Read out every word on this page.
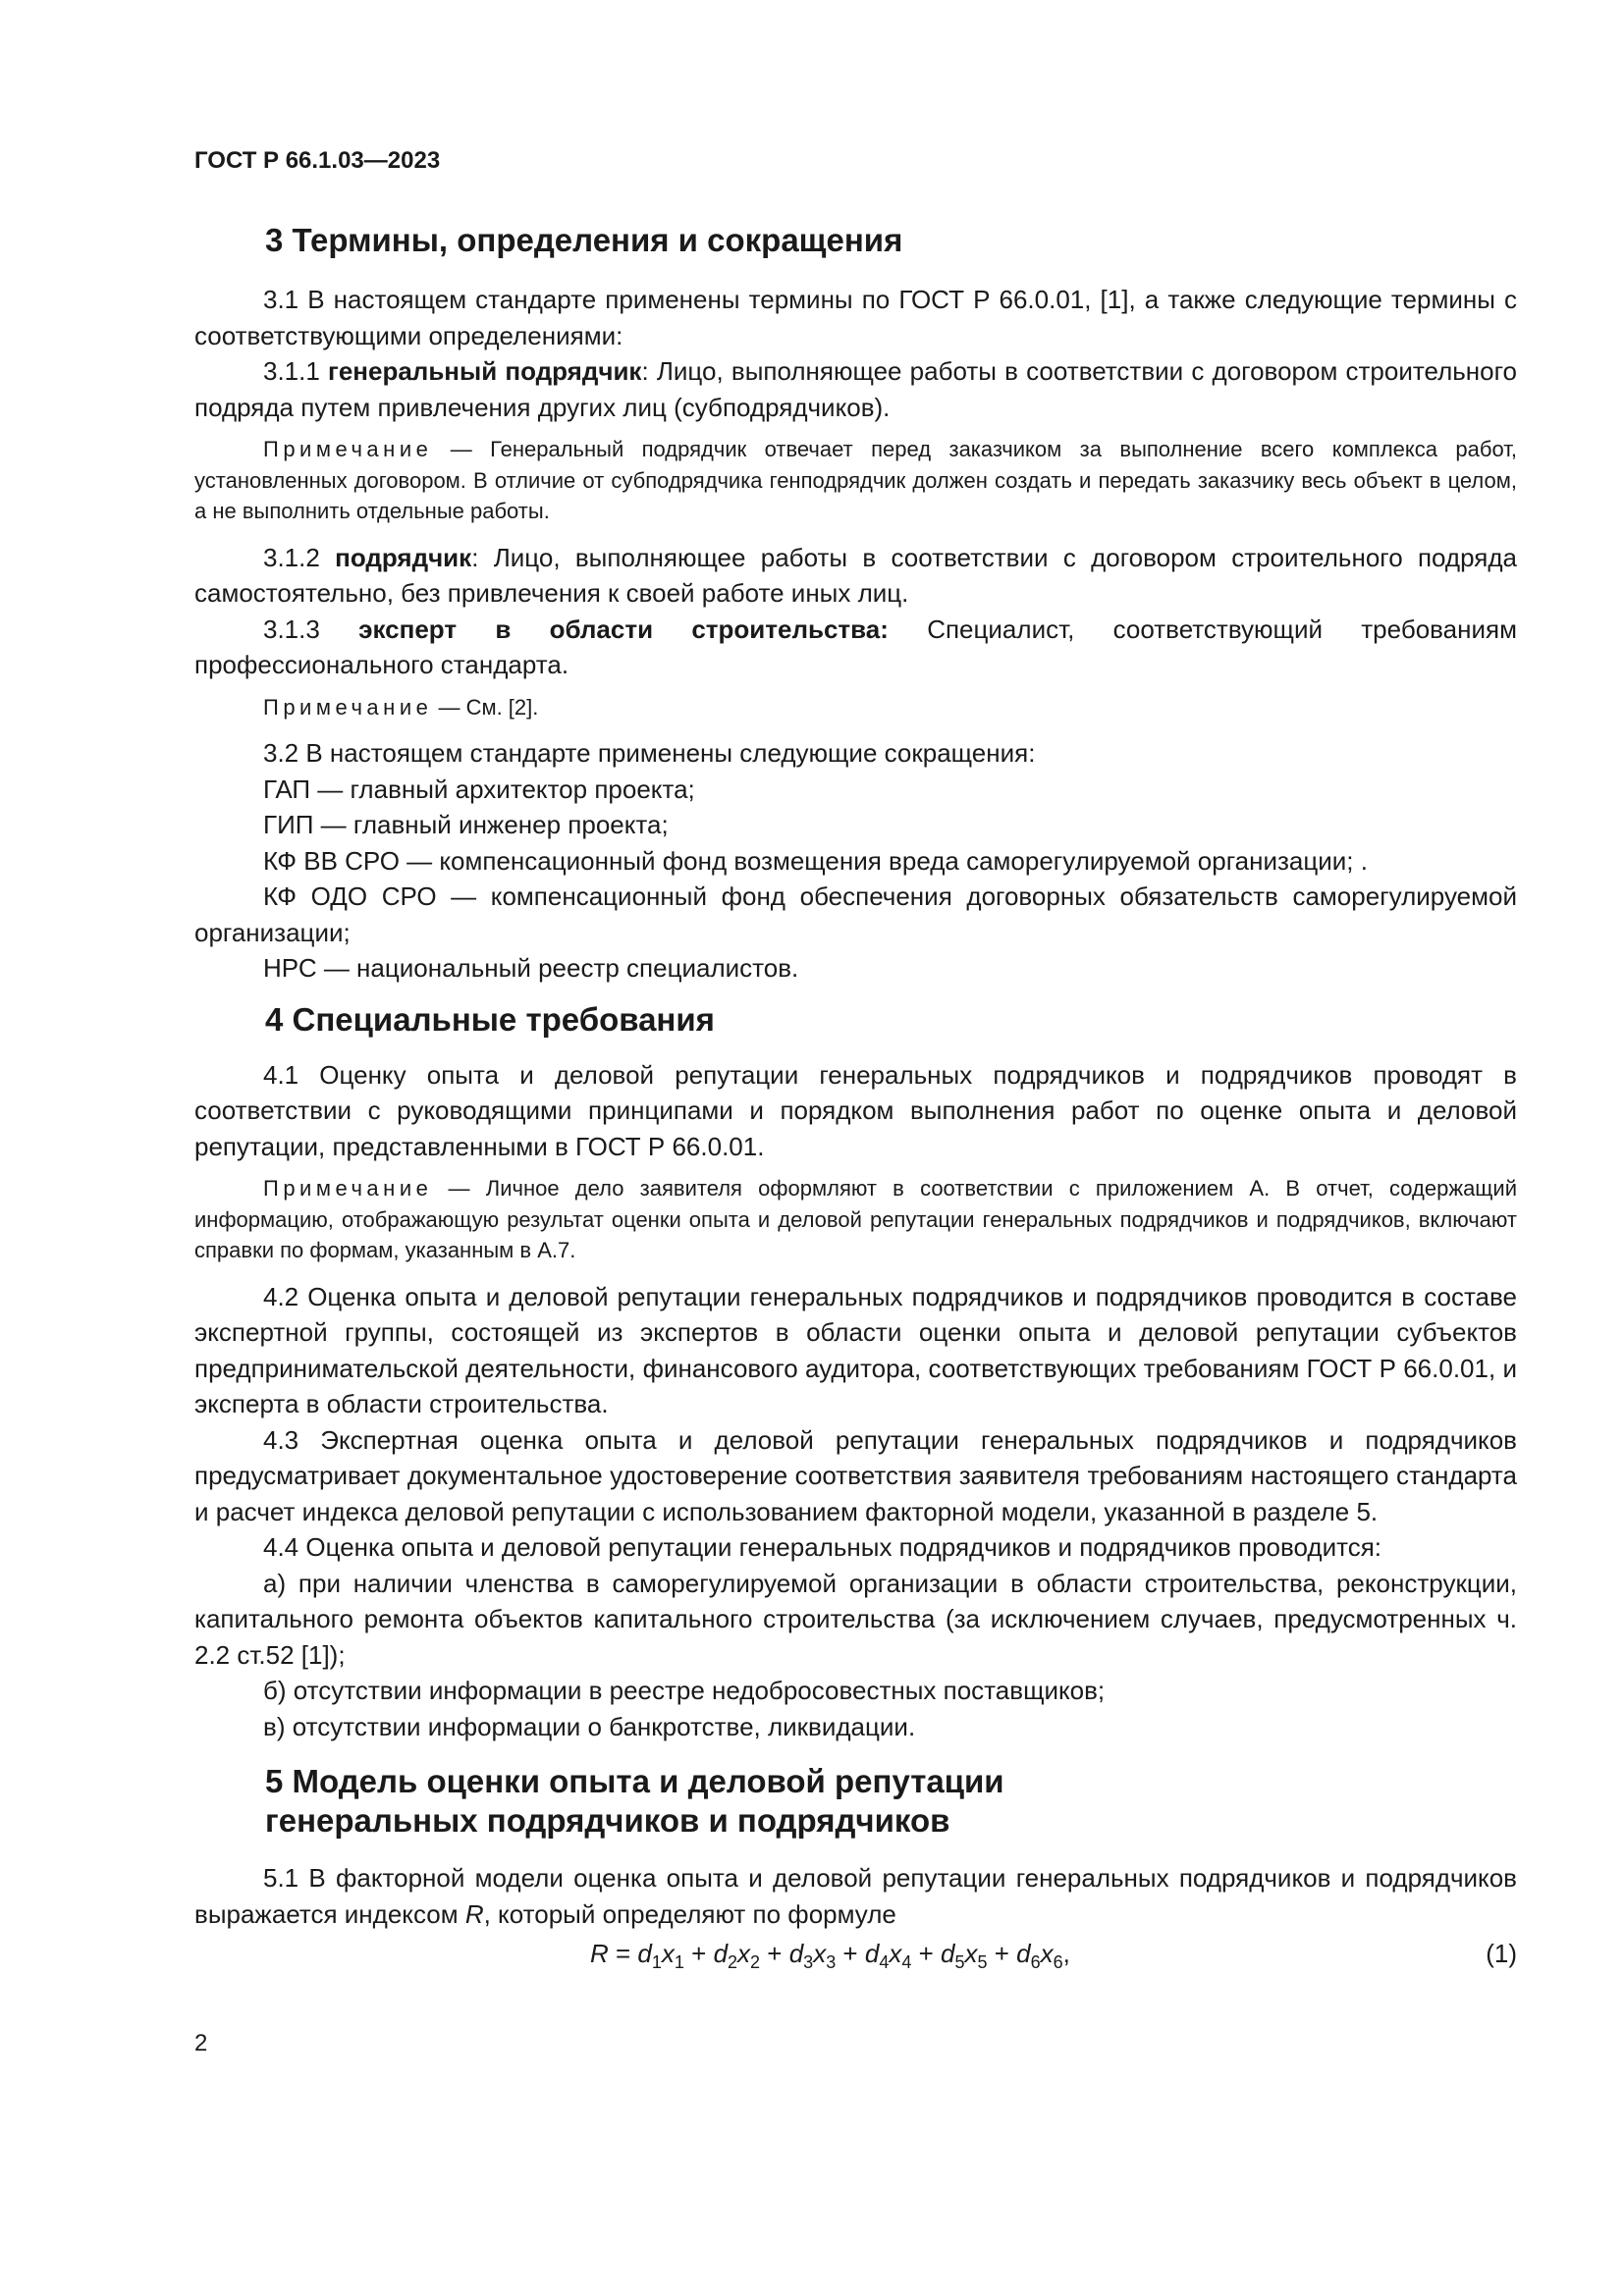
ГОСТ Р 66.1.03—2023
3 Термины, определения и сокращения

3.1 В настоящем стандарте применены термины по ГОСТ Р 66.0.01, [1], а также следующие термины с соответствующими определениями:

3.1.1 генеральный подрядчик: Лицо, выполняющее работы в соответствии с договором строительного подряда путем привлечения других лиц (субподрядчиков).

Примечание — Генеральный подрядчик отвечает перед заказчиком за выполнение всего комплекса работ, установленных договором. В отличие от субподрядчика генподрядчик должен создать и передать заказчику весь объект в целом, а не выполнить отдельные работы.

3.1.2 подрядчик: Лицо, выполняющее работы в соответствии с договором строительного подряда самостоятельно, без привлечения к своей работе иных лиц.

3.1.3 эксперт в области строительства: Специалист, соответствующий требованиям профессионального стандарта.

Примечание — См. [2].

3.2 В настоящем стандарте применены следующие сокращения:

ГАП — главный архитектор проекта;

ГИП — главный инженер проекта;

КФ ВВ СРО — компенсационный фонд возмещения вреда саморегулируемой организации; .

КФ ОДО СРО — компенсационный фонд обеспечения договорных обязательств саморегулируемой организации;

НРС — национальный реестр специалистов.

4 Специальные требования

4.1 Оценку опыта и деловой репутации генеральных подрядчиков и подрядчиков проводят в соответствии с руководящими принципами и порядком выполнения работ по оценке опыта и деловой репутации, представленными в ГОСТ Р 66.0.01.

Примечание — Личное дело заявителя оформляют в соответствии с приложением А. В отчет, содержащий информацию, отображающую результат оценки опыта и деловой репутации генеральных подрядчиков и подрядчиков, включают справки по формам, указанным в А.7.

4.2 Оценка опыта и деловой репутации генеральных подрядчиков и подрядчиков проводится в составе экспертной группы, состоящей из экспертов в области оценки опыта и деловой репутации субъектов предпринимательской деятельности, финансового аудитора, соответствующих требованиям ГОСТ Р 66.0.01, и эксперта в области строительства.

4.3 Экспертная оценка опыта и деловой репутации генеральных подрядчиков и подрядчиков предусматривает документальное удостоверение соответствия заявителя требованиям настоящего стандарта и расчет индекса деловой репутации с использованием факторной модели, указанной в разделе 5.

4.4 Оценка опыта и деловой репутации генеральных подрядчиков и подрядчиков проводится:

а) при наличии членства в саморегулируемой организации в области строительства, реконструкции, капитального ремонта объектов капитального строительства (за исключением случаев, предусмотренных ч. 2.2 ст.52 [1]);

б) отсутствии информации в реестре недобросовестных поставщиков;

в) отсутствии информации о банкротстве, ликвидации.

5 Модель оценки опыта и деловой репутации
генеральных подрядчиков и подрядчиков

5.1 В факторной модели оценка опыта и деловой репутации генеральных подрядчиков и подрядчиков выражается индексом R, который определяют по формуле

$R = d_1x_1 + d_2x_2 + d_3x_3 + d_4x_4 + d_5x_5 + d_6x_6$,	(1)
2
